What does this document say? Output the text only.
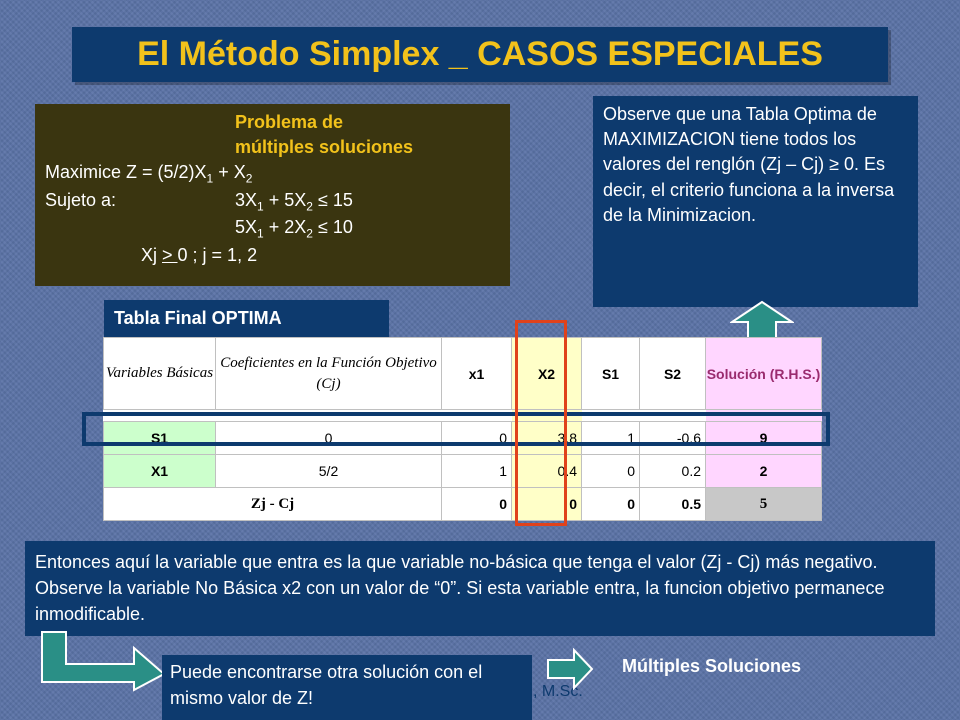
El Método Simplex _ CASOS ESPECIALES
Problema de
múltiples soluciones
Maximice $Z = (5/2)X_1 + X_2$
Sujeto a:	$3X_1 + 5X_2 \le 15$
$5X_1 + 2X_2 \le 10$
Xj > 0 ; j = 1, 2
Observe que una Tabla Optima de MAXIMIZACION tiene todos los valores del renglón (Zj – Cj) ≥ 0. Es decir, el criterio funciona a la inversa de la Minimizacion.
Tabla Final OPTIMA
Variables Básicas	Coeficientes en la Función Objetivo (Cj)	x1	X2	S1	S2	Solución (R.H.S.)

S1	0	0	3.8	1	-0.6	9
X1	5/2	1	0.4	0	0.2	2
Zj - Cj		0	0	0	0.5	5
Entonces aquí la variable que entra es la que variable no-básica que tenga el valor (Zj - Cj) más negativo. Observe la variable No Básica x2 con un valor de “0”. Si esta variable entra, la funcion objetivo permanece inmodificable.
Puede encontrarse otra solución con el mismo valor de Z!	, M.Sc.
Múltiples Soluciones
